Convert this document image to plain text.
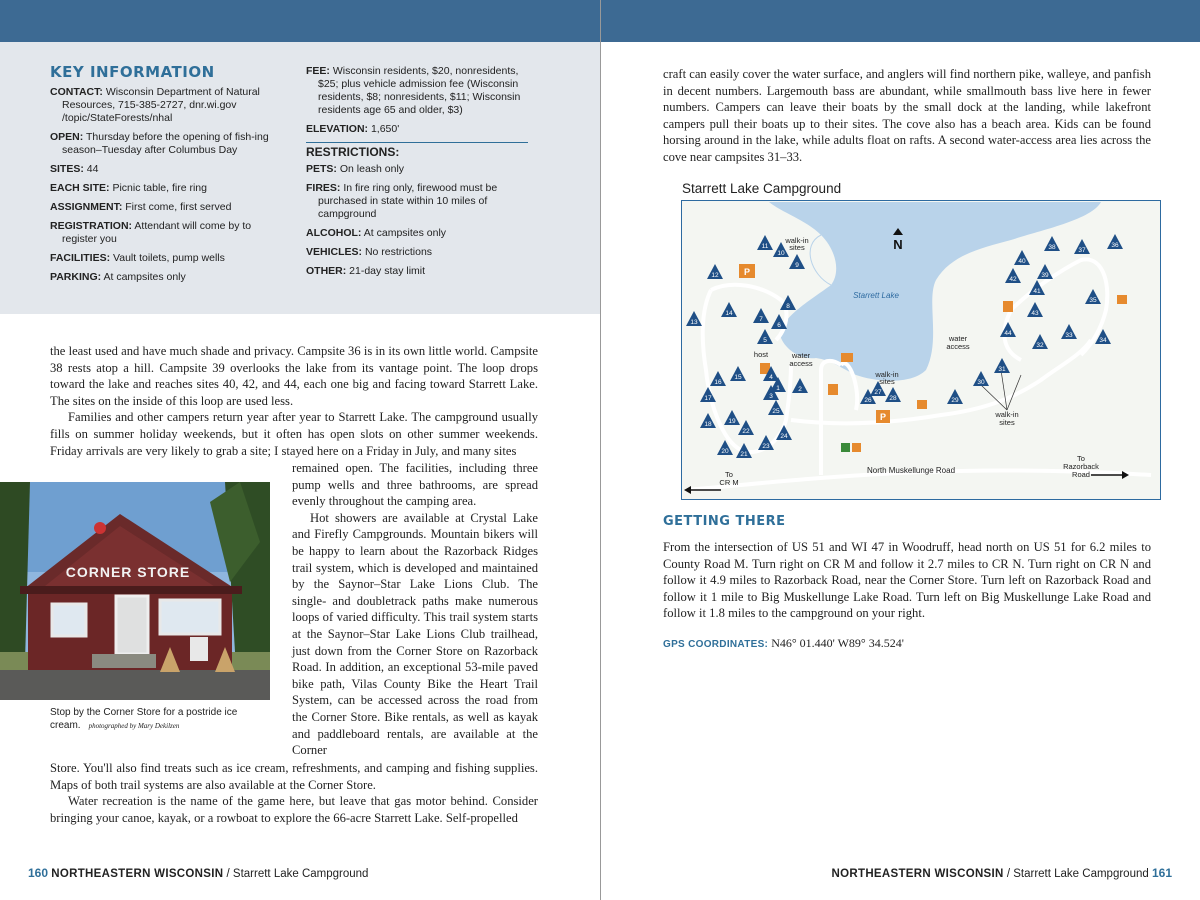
KEY INFORMATION
CONTACT: Wisconsin Department of Natural Resources, 715-385-2727, dnr.wi.gov /topic/StateForests/nhal
OPEN: Thursday before the opening of fish-ing season–Tuesday after Columbus Day
SITES: 44
EACH SITE: Picnic table, fire ring
ASSIGNMENT: First come, first served
REGISTRATION: Attendant will come by to register you
FACILITIES: Vault toilets, pump wells
PARKING: At campsites only
FEE: Wisconsin residents, $20, nonresidents, $25; plus vehicle admission fee (Wisconsin residents, $8; nonresidents, $11; Wisconsin residents age 65 and older, $3)
ELEVATION: 1,650'
RESTRICTIONS:
PETS: On leash only
FIRES: In fire ring only, firewood must be purchased in state within 10 miles of campground
ALCOHOL: At campsites only
VEHICLES: No restrictions
OTHER: 21-day stay limit

the least used and have much shade and privacy. Campsite 36 is in its own little world. Campsite 38 rests atop a hill. Campsite 39 overlooks the lake from its vantage point. The loop drops toward the lake and reaches sites 40, 42, and 44, each one big and facing toward Starrett Lake. The sites on the inside of this loop are used less.

Families and other campers return year after year to Starrett Lake. The campground usually fills on summer holiday weekends, but it often has open slots on other summer weekends. Friday arrivals are very likely to grab a site; I stayed here on a Friday in July, and many sites

remained open. The facilities, including three pump wells and three bathrooms, are spread evenly throughout the camping area.

Hot showers are available at Crystal Lake and Firefly Campgrounds. Mountain bikers will be happy to learn about the Razorback Ridges trail system, which is developed and maintained by the Saynor–Star Lake Lions Club. The single- and doubletrack paths make numerous loops of varied difficulty. This trail system starts at the Saynor–Star Lake Lions Club trailhead, just down from the Corner Store on Razorback Road. In addition, an exceptional 53-mile paved bike path, Vilas County Bike the Heart Trail System, can be accessed across the road from the Corner Store. Bike rentals, as well as kayak and paddleboard rentals, are available at the Corner

Store. You'll also find treats such as ice cream, refreshments, and camping and fishing supplies. Maps of both trail systems are also available at the Corner Store.

Water recreation is the name of the game here, but leave that gas motor behind. Consider bringing your canoe, kayak, or a rowboat to explore the 66-acre Starrett Lake. Self-propelled

CORNER STORE
Stop by the Corner Store for a postride ice cream. photographed by Mary Dekilzen
160 NORTHEASTERN WISCONSIN / Starrett Lake Campground

craft can easily cover the water surface, and anglers will find northern pike, walleye, and panfish in decent numbers. Largemouth bass are abundant, while smallmouth bass live here in fewer numbers. Campers can leave their boats by the small dock at the landing, while lakefront campers pull their boats up to their sites. The cove also has a beach area. Kids can be found horsing around in the lake, while adults float on rafts. A second water-access area lies across the cove near campsites 31–33.

Starrett Lake Campground
N
Starrett Lake
walk-in
sites
walk-in
sites
walk-in
sites
water
access
water
access
host
North Muskellunge Road
To
CR M
To
Razorback
Road
P
P
1	2
3
4
5
6
7
8
9
10
11
12
13
14
15
16
17
18	19
20 21
22
23
24
25
26
27
28	29
30
31
32
33
34
35
36
37
38
39
40
41
42
43
44
GETTING THERE

From the intersection of US 51 and WI 47 in Woodruff, head north on US 51 for 6.2 miles to County Road M. Turn right on CR M and follow it 2.7 miles to CR N. Turn right on CR N and follow it 4.9 miles to Razorback Road, near the Corner Store. Turn left on Razorback Road and follow it 1 mile to Big Muskellunge Lake Road. Turn left on Big Muskellunge Lake Road and follow it 1.8 miles to the campground on your right.

GPS COORDINATES: N46° 01.440' W89° 34.524'
NORTHEASTERN WISCONSIN / Starrett Lake Campground 161
